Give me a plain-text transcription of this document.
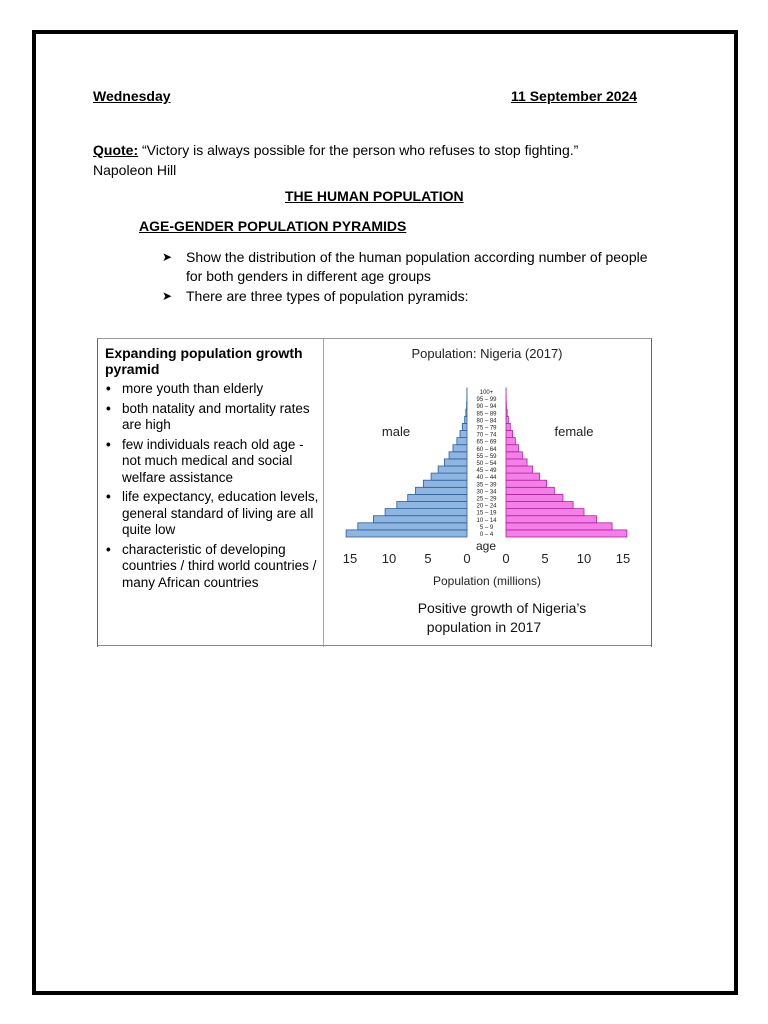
Wednesday	11 September 2024
Quote: “Victory is always possible for the person who refuses to stop fighting.”
Napoleon Hill
THE HUMAN POPULATION
AGE-GENDER POPULATION PYRAMIDS
➤ Show the distribution of the human population according number of people for both genders in different age groups
➤ There are three types of population pyramids:
Expanding population growth pyramid
• more youth than elderly
• both natality and mortality rates are high
• few individuals reach old age - not much medical and social welfare assistance
• life expectancy, education levels, general standard of living are all quite low
• characteristic of developing countries / third world countries / many African countries
Population: Nigeria (2017)
male	female
0 – 4
5 – 9
10 – 14
15 – 19
20 – 24
25 – 29
30 – 34
35 – 39
40 – 44
45 – 49
50 – 54
55 – 59
60 – 64
65 – 69
70 – 74
75 – 79
80 – 84
85 – 89
90 – 94
95 – 99
100+
age
15 10 5 0 0 5 10 15
Population (millions)
Positive growth of Nigeria’s
population in 2017
